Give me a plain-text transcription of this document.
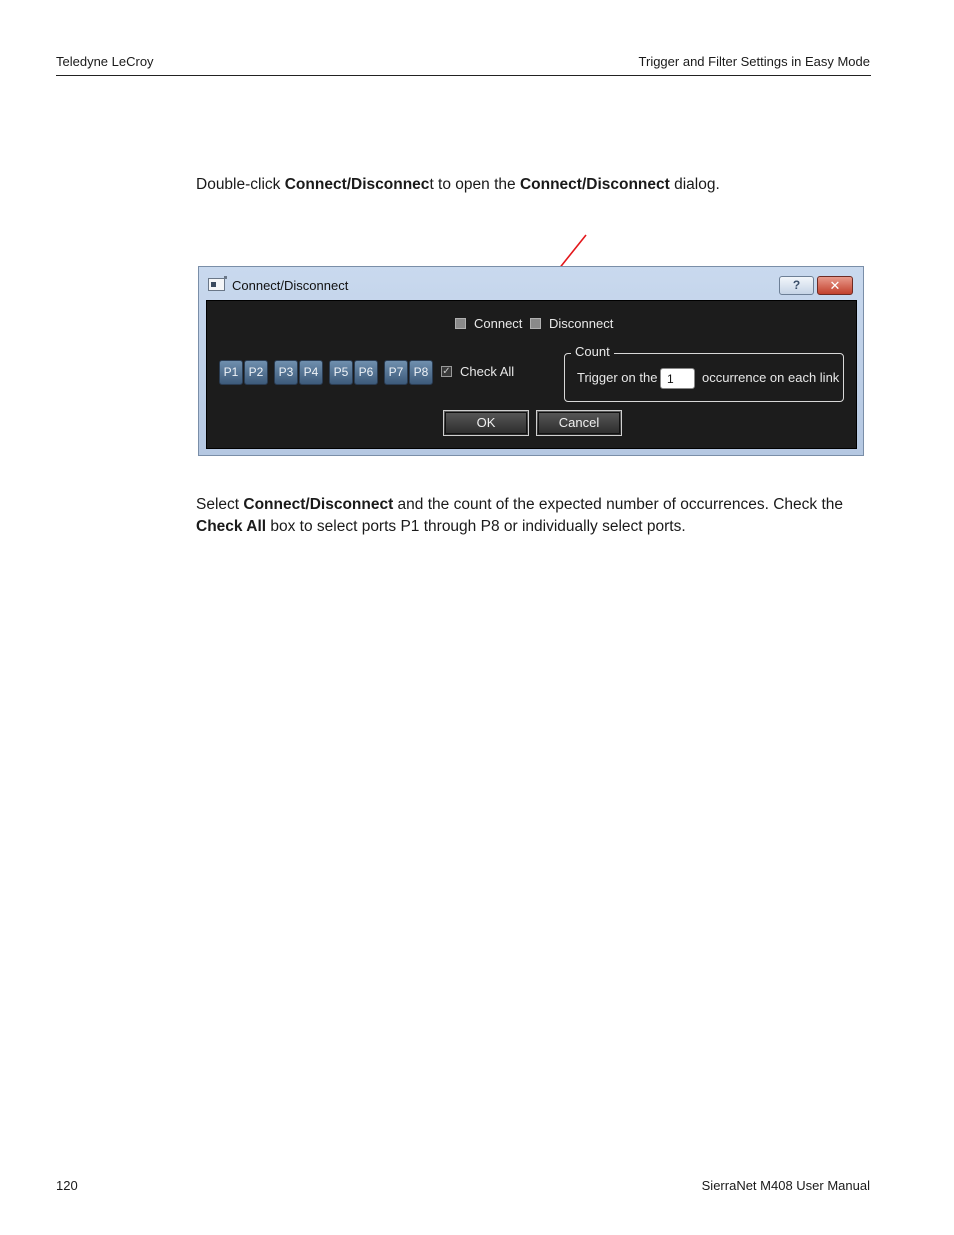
Teledyne LeCroy	Trigger and Filter Settings in Easy Mode
Double-click Connect/Disconnect to open the Connect/Disconnect dialog.
Connect/Disconnect	?	✕
Connect Disconnect
P1 P2	P3 P4	P5 P6	P7 P8	✓ Check All
Count
Trigger on the 1	occurrence on each link
OK	Cancel
Select Connect/Disconnect and the count of the expected number of occurrences. Check the Check All box to select ports P1 through P8 or individually select ports.
120	SierraNet M408 User Manual
